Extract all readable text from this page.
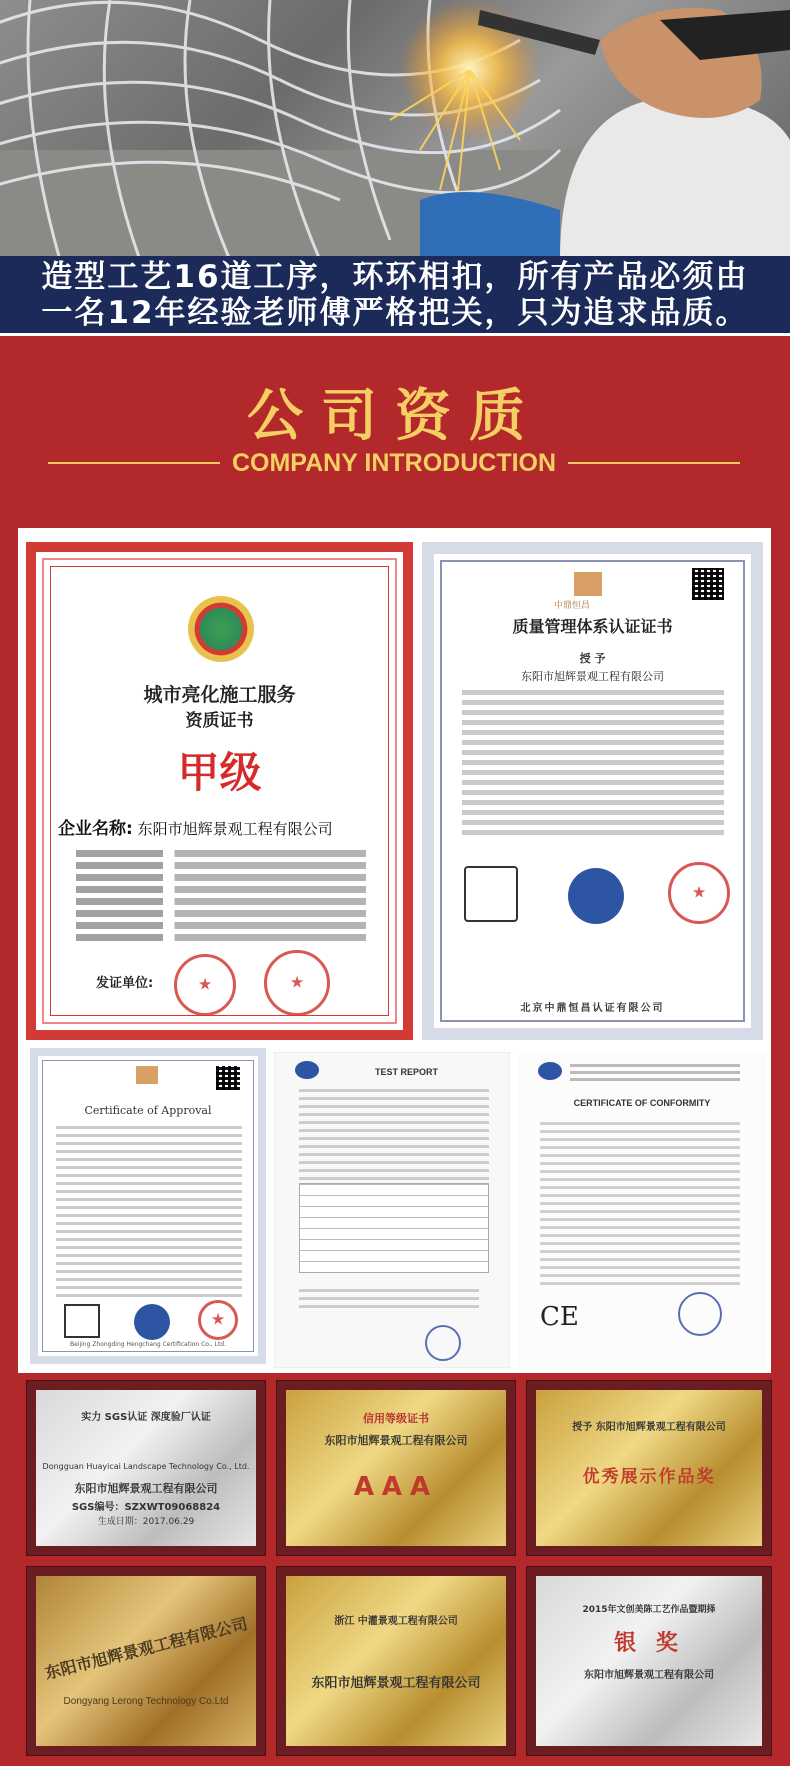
造型工艺16道工序，环环相扣，所有产品必须由
一名12年经验老师傅严格把关，只为追求品质。
公司资质
COMPANY INTRODUCTION
城市亮化施工服务
资质证书
甲级
企业名称: 东阳市旭辉景观工程有限公司
发证单位:
★
★
中鼎恒昌
质量管理体系认证证书
授 予
东阳市旭辉景观工程有限公司
★
北京中鼎恒昌认证有限公司
Certificate of Approval
★
Beijing Zhongding Hengchang Certification Co., Ltd.
TEST REPORT
CERTIFICATE OF CONFORMITY
CE
实力 SGS认证 深度验厂认证
Dongguan Huayicai Landscape Technology Co., Ltd.
东阳市旭辉景观工程有限公司
SGS编号：SZXWT09068824
生成日期：2017.06.29
信用等级证书
东阳市旭辉景观工程有限公司
AAA
授予 东阳市旭辉景观工程有限公司
优秀展示作品奖
东阳市旭辉景观工程有限公司
Dongyang Lerong Technology Co.Ltd
浙江 中灌景观工程有限公司
东阳市旭辉景观工程有限公司
2015年文创美陈工艺作品暨期择
银 奖
东阳市旭辉景观工程有限公司
